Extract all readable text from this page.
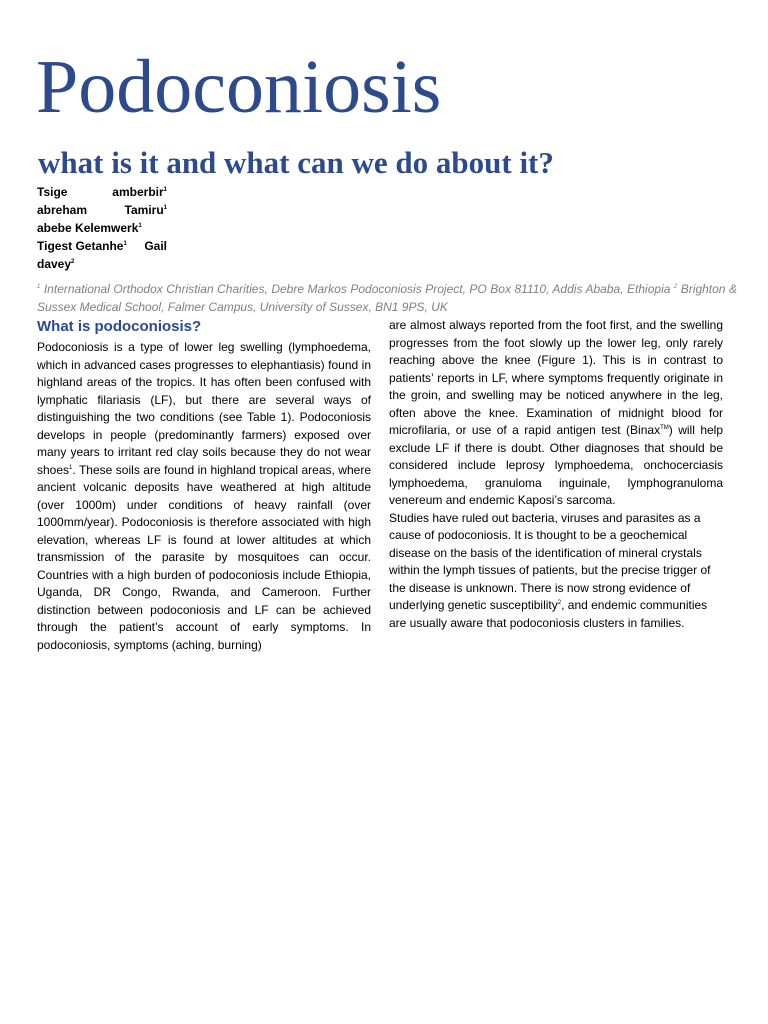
Podoconiosis
what is it and what can we do about it?
Tsige	amberbir$^1$
abreham	Tamiru$^1$
abebe
Kelemwerk$^1$
Tigest Getanhe$^1$ Gail
davey$^2$
$^1$ International Orthodox Christian Charities, Debre Markos Podoconiosis Project, PO Box 81110, Addis Ababa, Ethiopia $^2$ Brighton & Sussex Medical School, Falmer Campus, University of Sussex, BN1 9PS, UK
What is podoconiosis?

Podoconiosis is a type of lower leg swelling (lymphoedema, which in advanced cases progresses to elephantiasis) found in highland areas of the tropics. It has often been confused with lymphatic filariasis (LF), but there are several ways of distinguishing the two conditions (see Table 1). Podoconiosis develops in people (predominantly farmers) exposed over many years to irritant red clay soils because they do not wear shoes$^1$. These soils are found in highland tropical areas, where ancient volcanic deposits have weathered at high altitude (over 1000m) under conditions of heavy rainfall (over 1000mm/year). Podoconiosis is therefore associated with high elevation, whereas LF is found at lower altitudes at which transmission of the parasite by mosquitoes can occur. Countries with a high burden of podoconiosis include Ethiopia, Uganda, DR Congo, Rwanda, and Cameroon. Further distinction between podoconiosis and LF can be achieved through the patient’s account of early symptoms. In podoconiosis, symptoms (aching, burning)

are almost always reported from the foot first, and the swelling progresses from the foot slowly up the lower leg, only rarely reaching above the knee (Figure 1). This is in contrast to patients’ reports in LF, where symptoms frequently originate in the groin, and swelling may be noticed anywhere in the leg, often above the knee. Examination of midnight blood for microfilaria, or use of a rapid antigen test (Binax™) will help exclude LF if there is doubt. Other diagnoses that should be considered include leprosy lymphoedema, onchocerciasis lymphoedema, granuloma inguinale, lymphogranuloma venereum and endemic Kaposi’s sarcoma.

Studies have ruled out bacteria, viruses and parasites as a cause of podoconiosis. It is thought to be a geochemical disease on the basis of the identification of mineral crystals within the lymph tissues of patients, but the precise trigger of the disease is unknown. There is now strong evidence of underlying genetic susceptibility$^2$, and endemic communities are usually aware that podoconiosis clusters in families.
